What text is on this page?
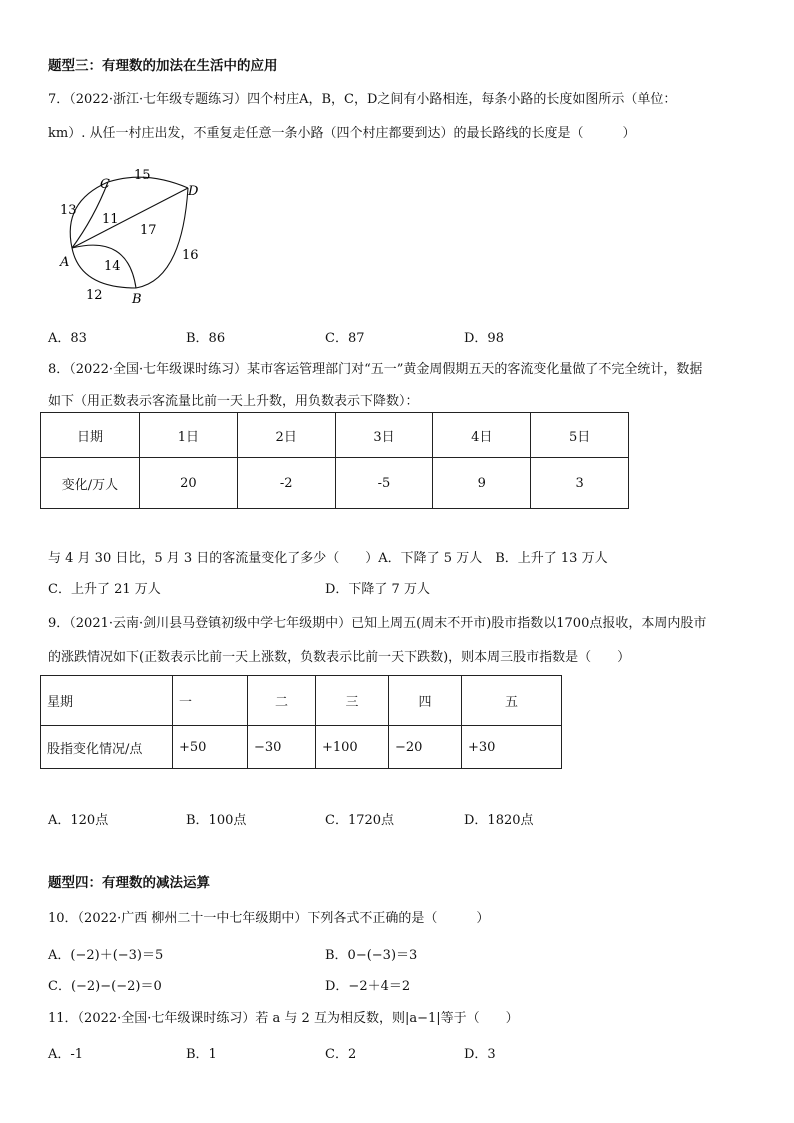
题型三：有理数的加法在生活中的应用
7．（2022·浙江·七年级专题练习）四个村庄A，B，C，D之间有小路相连，每条小路的长度如图所示（单位：
km）. 从任一村庄出发，不重复走任意一条小路（四个村庄都要到达）的最长路线的长度是（　　　）
C	D
A
B
15
13
11
17
14
12
16
A．83	B．86	C．87	D．98
8．（2022·全国·七年级课时练习）某市客运管理部门对“五一”黄金周假期五天的客流变化量做了不完全统计，数据
如下（用正数表示客流量比前一天上升数，用负数表示下降数）：
日期	1日	2日	3日	4日	5日
变化/万人	20	-2	-5	9	3
与 4 月 30 日比，5 月 3 日的客流量变化了多少（　　）A．下降了 5 万人　B．上升了 13 万人
C．上升了 21 万人	D．下降了 7 万人
9．（2021·云南·剑川县马登镇初级中学七年级期中）已知上周五(周末不开市)股市指数以1700点报收，本周内股市
的涨跌情况如下(正数表示比前一天上涨数，负数表示比前一天下跌数)，则本周三股市指数是（　　）
星期	一	二	三	四	五
股指变化情况/点	+50	−30	+100	−20	+30
A．120点	B．100点	C．1720点	D．1820点
题型四：有理数的减法运算
10．（2022·广西 柳州二十一中七年级期中）下列各式不正确的是（　　　）
A．(−2)＋(−3)＝5	B．0−(−3)＝3
C．(−2)−(−2)＝0	D．−2＋4＝2
11．（2022·全国·七年级课时练习）若 a 与 2 互为相反数，则|a−1|等于（　　）
A．-1	B．1	C．2	D．3
